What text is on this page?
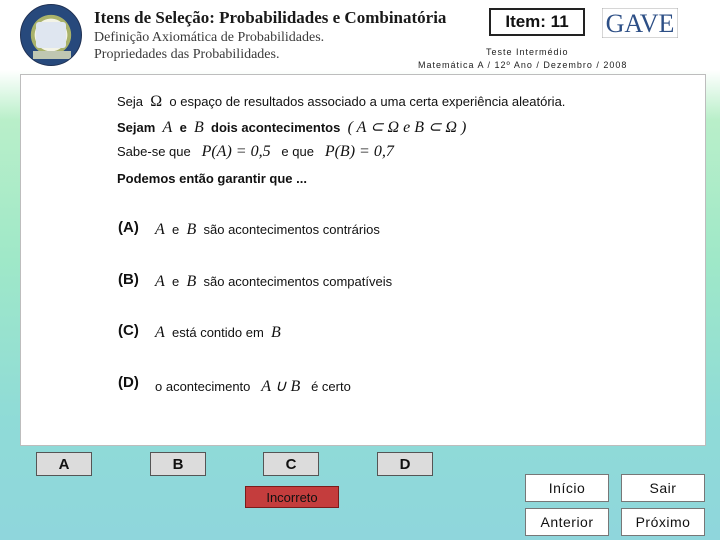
Itens de Seleção: Probabilidades e Combinatória
Definição Axiomática de Probabilidades.
Propriedades das Probabilidades.
Item: 11 GAVE
Teste Intermédio
Matemática A / 12º Ano / Dezembro / 2008
Seja Ω o espaço de resultados associado a uma certa experiência aleatória.
Sejam A e B dois acontecimentos ( A ⊂ Ω e B ⊂ Ω )
Sabe-se que P(A) = 0,5 e que P(B) = 0,7
Podemos então garantir que ...
(A) A e B são acontecimentos contrários
(B) A e B são acontecimentos compatíveis
(C) A está contido em B
(D) o acontecimento A ∪ B é certo
A	B	C	D
Incorreto
Início	Sair
Anterior	Próximo
